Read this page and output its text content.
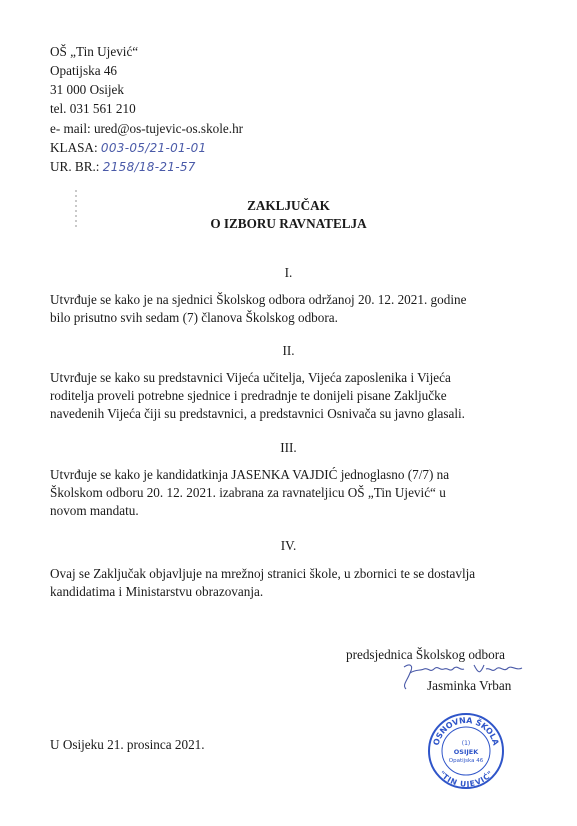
OŠ „Tin Ujević“
Opatijska 46
31 000 Osijek
tel. 031 561 210
e- mail: ured@os-tujevic-os.skole.hr
KLASA: 003-05/21-01-01
UR. BR.: 2158/18-21-57
ZAKLJUČAK
O IZBORU RAVNATELJA
I.
Utvrđuje se kako je na sjednici Školskog odbora održanoj 20. 12. 2021. godine
bilo prisutno svih sedam (7) članova Školskog odbora.
II.
Utvrđuje se kako su predstavnici Vijeća učitelja, Vijeća zaposlenika i Vijeća
roditelja proveli potrebne sjednice i predradnje te donijeli pisane Zaključke
navedenih Vijeća čiji su predstavnici, a predstavnici Osnivača su javno glasali.
III.
Utvrđuje se kako je kandidatkinja JASENKA VAJDIĆ jednoglasno (7/7) na
Školskom odboru 20. 12. 2021. izabrana za ravnateljicu OŠ „Tin Ujević“ u
novom mandatu.
IV.
Ovaj se Zaključak objavljuje na mrežnoj stranici škole, u zbornici te se dostavlja
kandidatima i Ministarstvu obrazovanja.
predsjednica Školskog odbora
Jasminka Vrban
U Osijeku 21. prosinca 2021.	OSNOVNA ŠKOLA
"TIN UJEVIĆ"
(1)
OSIJEK
Opatijska 46
